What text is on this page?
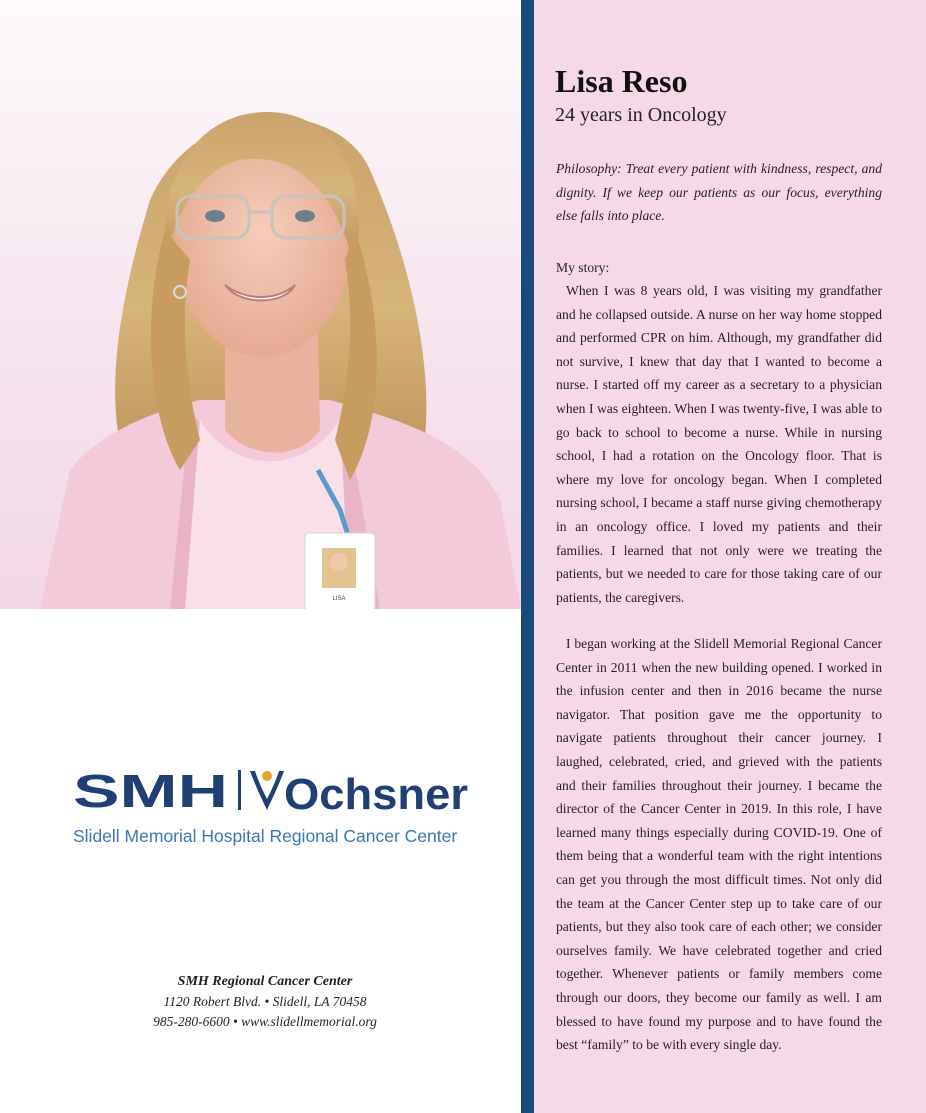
LISA
SMH Ochsner

Slidell Memorial Hospital Regional Cancer Center

SMH Regional Cancer Center
1120 Robert Blvd. • Slidell, LA 70458
985-280-6600 • www.slidellmemorial.org
Lisa Reso

24 years in Oncology

Philosophy: Treat every patient with kindness, respect, and dignity. If we keep our patients as our focus, everything else falls into place.

My story:

When I was 8 years old, I was visiting my grandfather and he collapsed outside. A nurse on her way home stopped and performed CPR on him. Although, my grandfather did not survive, I knew that day that I wanted to become a nurse. I started off my career as a secretary to a physician when I was eighteen. When I was twenty-five, I was able to go back to school to become a nurse. While in nursing school, I had a rotation on the Oncology floor. That is where my love for oncology began. When I completed nursing school, I became a staff nurse giving chemotherapy in an oncology office. I loved my patients and their families. I learned that not only were we treating the patients, but we needed to care for those taking care of our patients, the caregivers.

I began working at the Slidell Memorial Regional Cancer Center in 2011 when the new building opened. I worked in the infusion center and then in 2016 became the nurse navigator. That position gave me the opportunity to navigate patients throughout their cancer journey. I laughed, celebrated, cried, and grieved with the patients and their families throughout their journey. I became the director of the Cancer Center in 2019. In this role, I have learned many things especially during COVID-19. One of them being that a wonderful team with the right intentions can get you through the most difficult times. Not only did the team at the Cancer Center step up to take care of our patients, but they also took care of each other; we consider ourselves family. We have celebrated together and cried together. Whenever patients or family members come through our doors, they become our family as well. I am blessed to have found my purpose and to have found the best “family” to be with every single day.
